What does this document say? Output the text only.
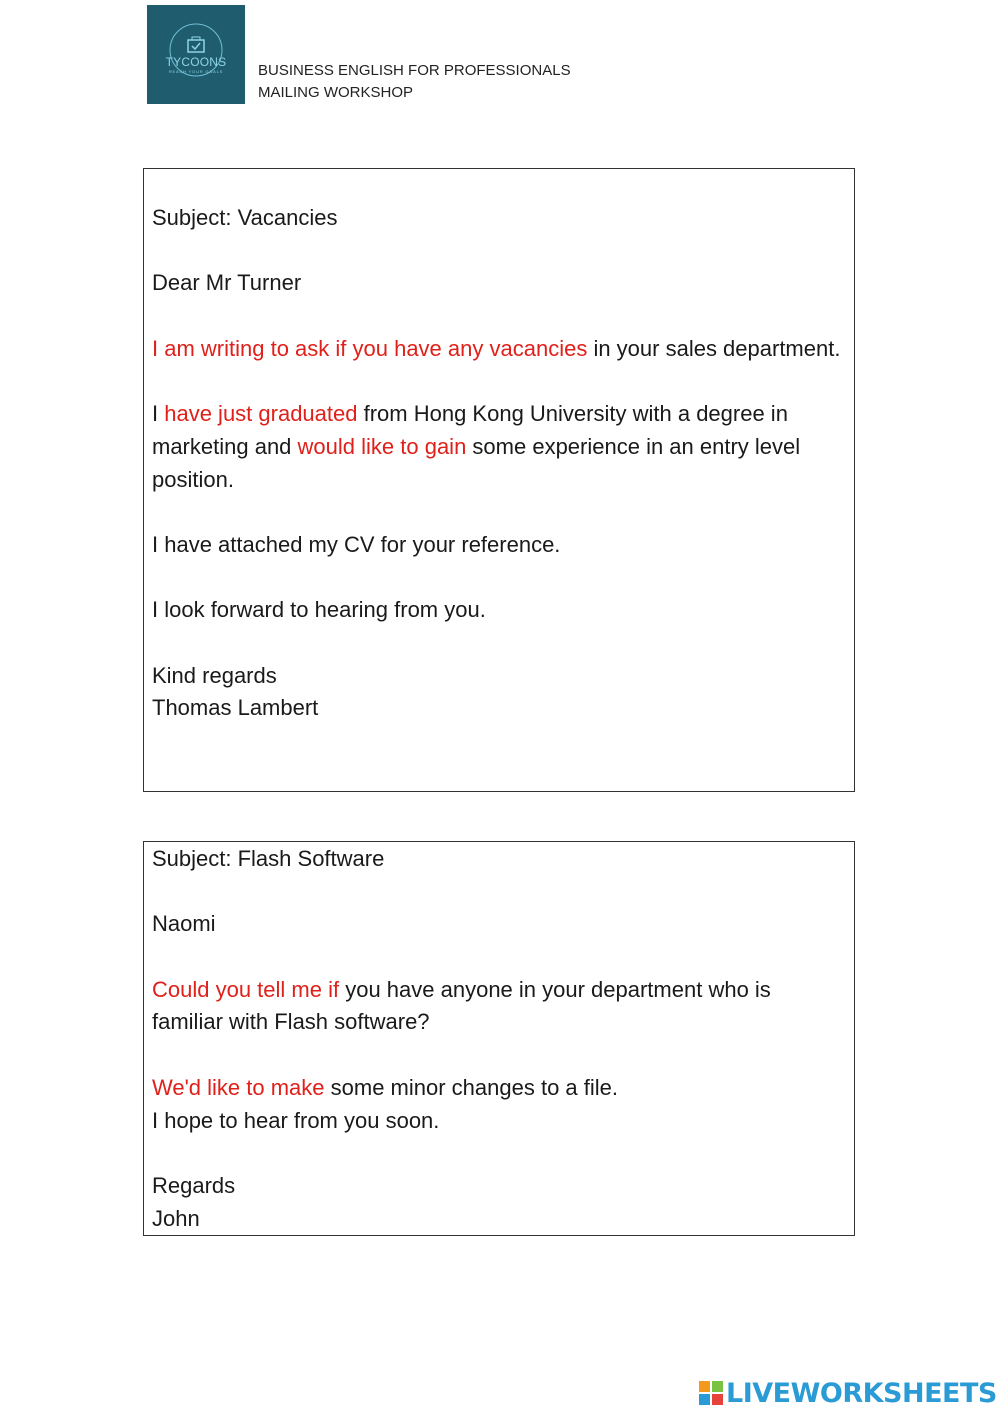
TYCOONS
REACH YOUR GOALS	BUSINESS ENGLISH FOR PROFESSIONALS
MAILING WORKSHOP

Subject: Vacancies

Dear Mr Turner

I am writing to ask if you have any vacancies in your sales department.

I have just graduated from Hong Kong University with a degree in marketing and would like to gain some experience in an entry level position.

I have attached my CV for your reference.

I look forward to hearing from you.

Kind regards

Thomas Lambert

Subject: Flash Software

Naomi

Could you tell me if you have anyone in your department who is familiar with Flash software?

We'd like to make some minor changes to a file.

I hope to hear from you soon.

Regards

John

LIVEWORKSHEETS
